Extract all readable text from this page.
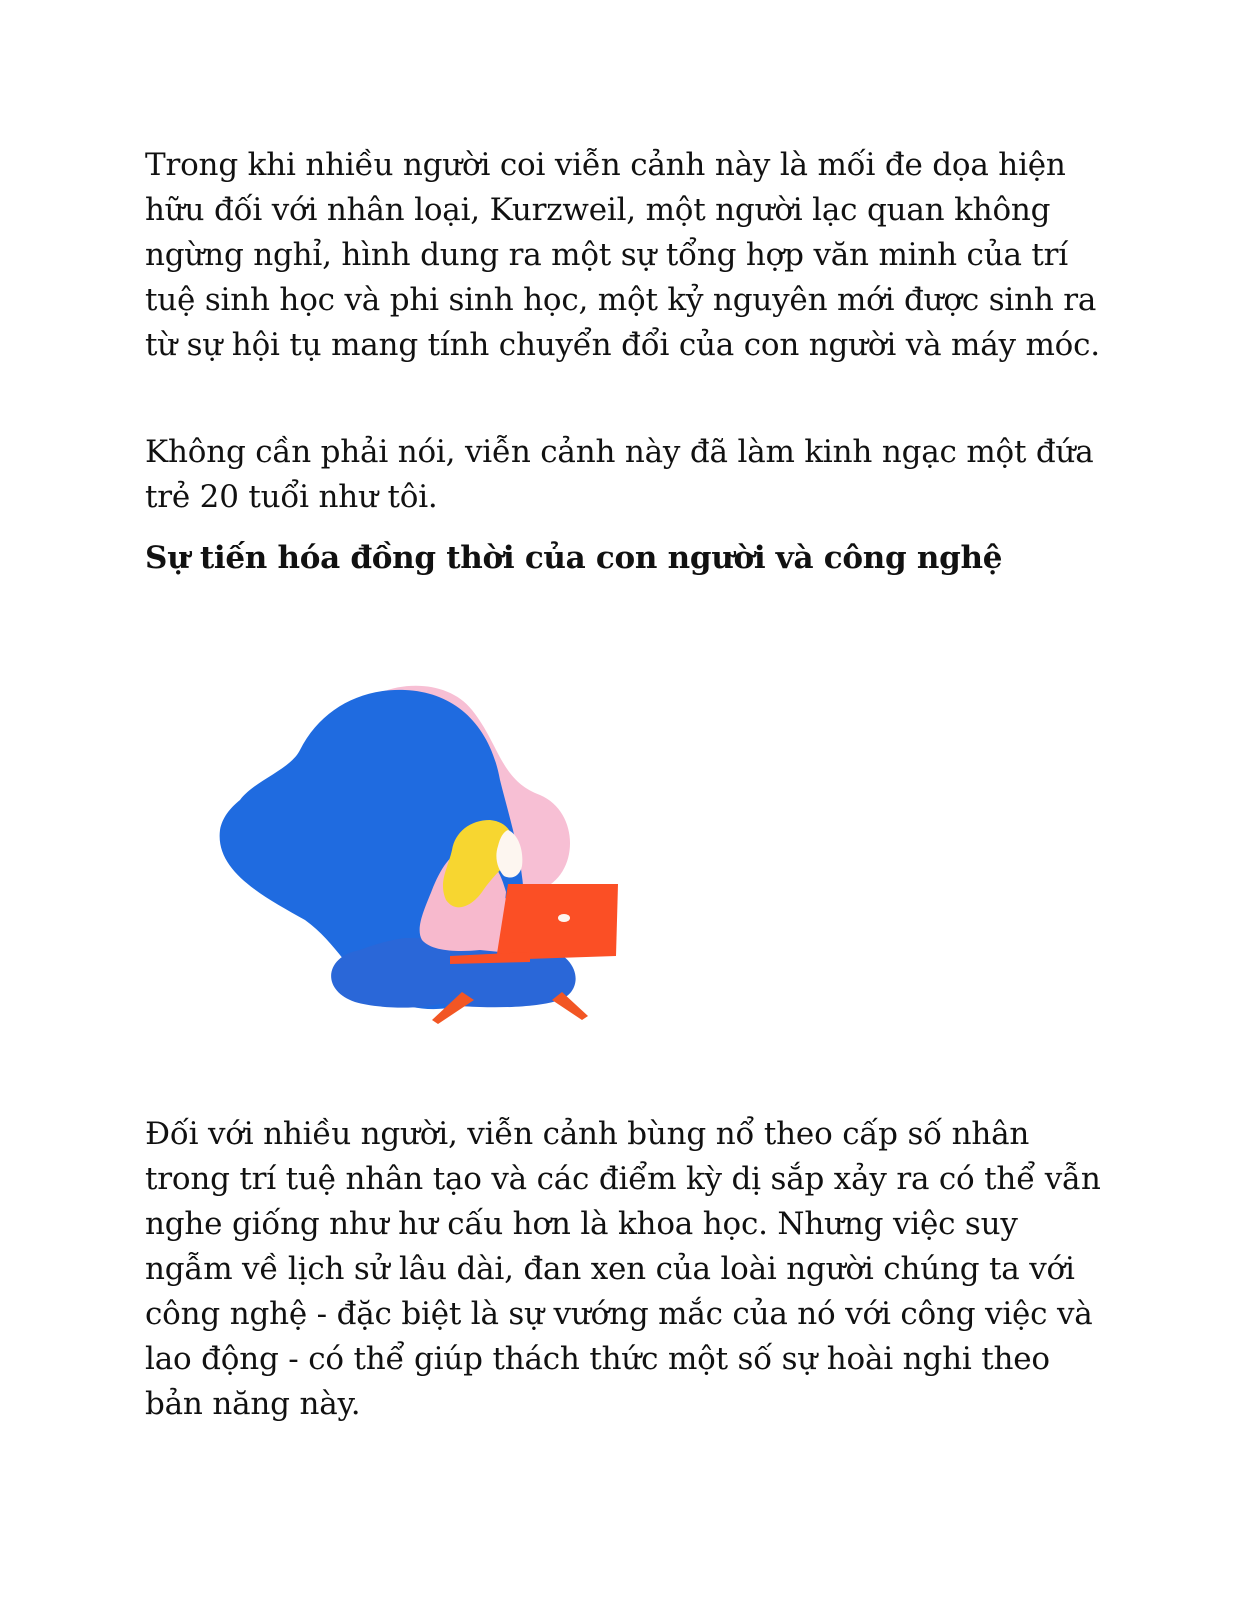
Trong khi nhiều người coi viễn cảnh này là mối đe dọa hiện hữu đối với nhân loại, Kurzweil, một người lạc quan không ngừng nghỉ, hình dung ra một sự tổng hợp văn minh của trí tuệ sinh học và phi sinh học, một kỷ nguyên mới được sinh ra từ sự hội tụ mang tính chuyển đổi của con người và máy móc.

Không cần phải nói, viễn cảnh này đã làm kinh ngạc một đứa trẻ 20 tuổi như tôi.

Sự tiến hóa đồng thời của con người và công nghệ

Đối với nhiều người, viễn cảnh bùng nổ theo cấp số nhân trong trí tuệ nhân tạo và các điểm kỳ dị sắp xảy ra có thể vẫn nghe giống như hư cấu hơn là khoa học. Nhưng việc suy ngẫm về lịch sử lâu dài, đan xen của loài người chúng ta với công nghệ - đặc biệt là sự vướng mắc của nó với công việc và lao động - có thể giúp thách thức một số sự hoài nghi theo bản năng này.
